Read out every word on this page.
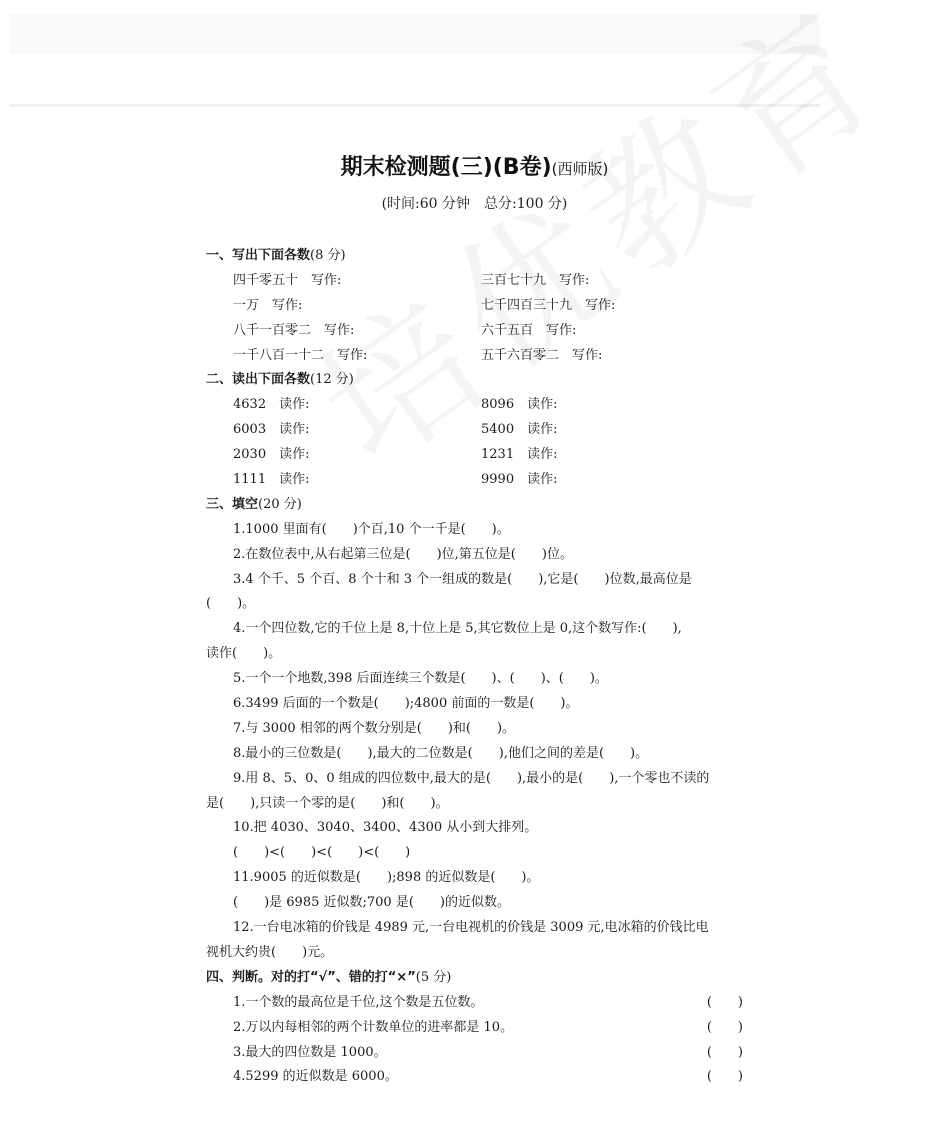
期末检测题(三)(B卷)(西师版)
(时间:60 分钟　总分:100 分)
一、写出下面各数(8 分)
四千零五十　写作:	三百七十九　写作:
一万　写作:	七千四百三十九　写作:
八千一百零二　写作:	六千五百　写作:
一千八百一十二　写作:	五千六百零二　写作:
二、读出下面各数(12 分)
4632　读作:	8096　读作:
6003　读作:	5400　读作:
2030　读作:	1231　读作:
1111　读作:	9990　读作:
三、填空(20 分)
1.1000 里面有(　　)个百,10 个一千是(　　)。
2.在数位表中,从右起第三位是(　　)位,第五位是(　　)位。
3.4 个千、5 个百、8 个十和 3 个一组成的数是(　　),它是(　　)位数,最高位是
(　　)。
4.一个四位数,它的千位上是 8,十位上是 5,其它数位上是 0,这个数写作:(　　),
读作(　　)。
5.一个一个地数,398 后面连续三个数是(　　)、(　　)、(　　)。
6.3499 后面的一个数是(　　);4800 前面的一数是(　　)。
7.与 3000 相邻的两个数分别是(　　)和(　　)。
8.最小的三位数是(　　),最大的二位数是(　　),他们之间的差是(　　)。
9.用 8、5、0、0 组成的四位数中,最大的是(　　),最小的是(　　),一个零也不读的
是(　　),只读一个零的是(　　)和(　　)。
10.把 4030、3040、3400、4300 从小到大排列。
(　　)<(　　)<(　　)<(　　)
11.9005 的近似数是(　　);898 的近似数是(　　)。
(　　)是 6985 近似数;700 是(　　)的近似数。
12.一台电冰箱的价钱是 4989 元,一台电视机的价钱是 3009 元,电冰箱的价钱比电
视机大约贵(　　)元。
四、判断。对的打“√”、错的打“×”(5 分)
1.一个数的最高位是千位,这个数是五位数。	(　　)
2.万以内每相邻的两个计数单位的进率都是 10。	(　　)
3.最大的四位数是 1000。	(　　)
4.5299 的近似数是 6000。	(　　)
